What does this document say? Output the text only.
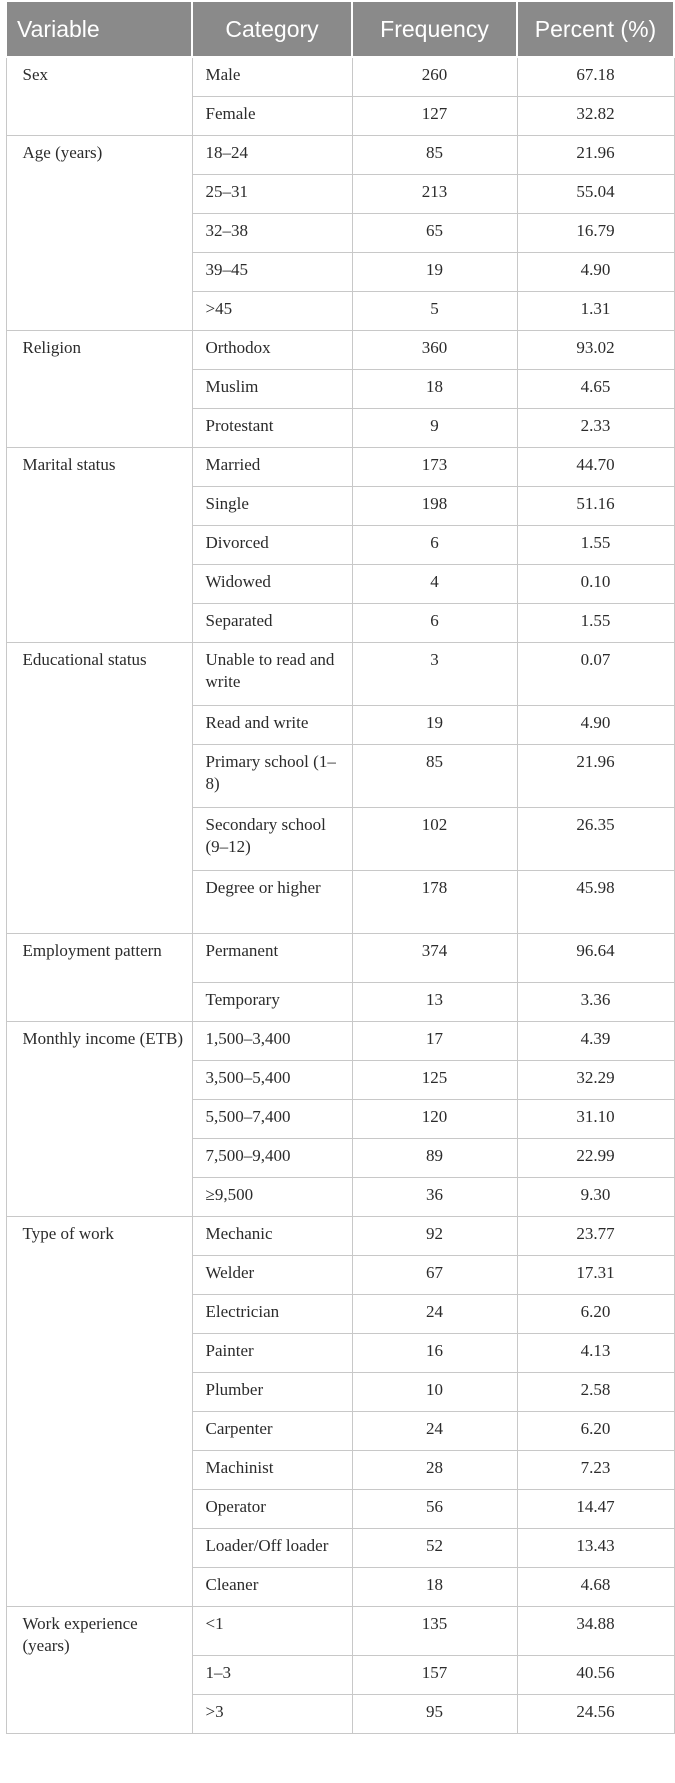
Variable	Category	Frequency	Percent (%)
Sex	Male	260	67.18
	Female	127	32.82
Age (years)	18–24	85	21.96
	25–31	213	55.04
	32–38	65	16.79
	39–45	19	4.90
	>45	5	1.31
Religion	Orthodox	360	93.02
	Muslim	18	4.65
	Protestant	9	2.33
Marital status	Married	173	44.70
	Single	198	51.16
	Divorced	6	1.55
	Widowed	4	0.10
	Separated	6	1.55
Educational status	Unable to read and write	3	0.07
	Read and write	19	4.90
	Primary school (1–8)	85	21.96
	Secondary school (9–12)	102	26.35
	Degree or higher	178	45.98
Employment pattern	Permanent	374	96.64
	Temporary	13	3.36
Monthly income (ETB)	1,500–3,400	17	4.39
	3,500–5,400	125	32.29
	5,500–7,400	120	31.10
	7,500–9,400	89	22.99
	≥9,500	36	9.30
Type of work	Mechanic	92	23.77
	Welder	67	17.31
	Electrician	24	6.20
	Painter	16	4.13
	Plumber	10	2.58
	Carpenter	24	6.20
	Machinist	28	7.23
	Operator	56	14.47
	Loader/Off loader	52	13.43
	Cleaner	18	4.68
Work experience (years)	<1	135	34.88
	1–3	157	40.56
	>3	95	24.56
